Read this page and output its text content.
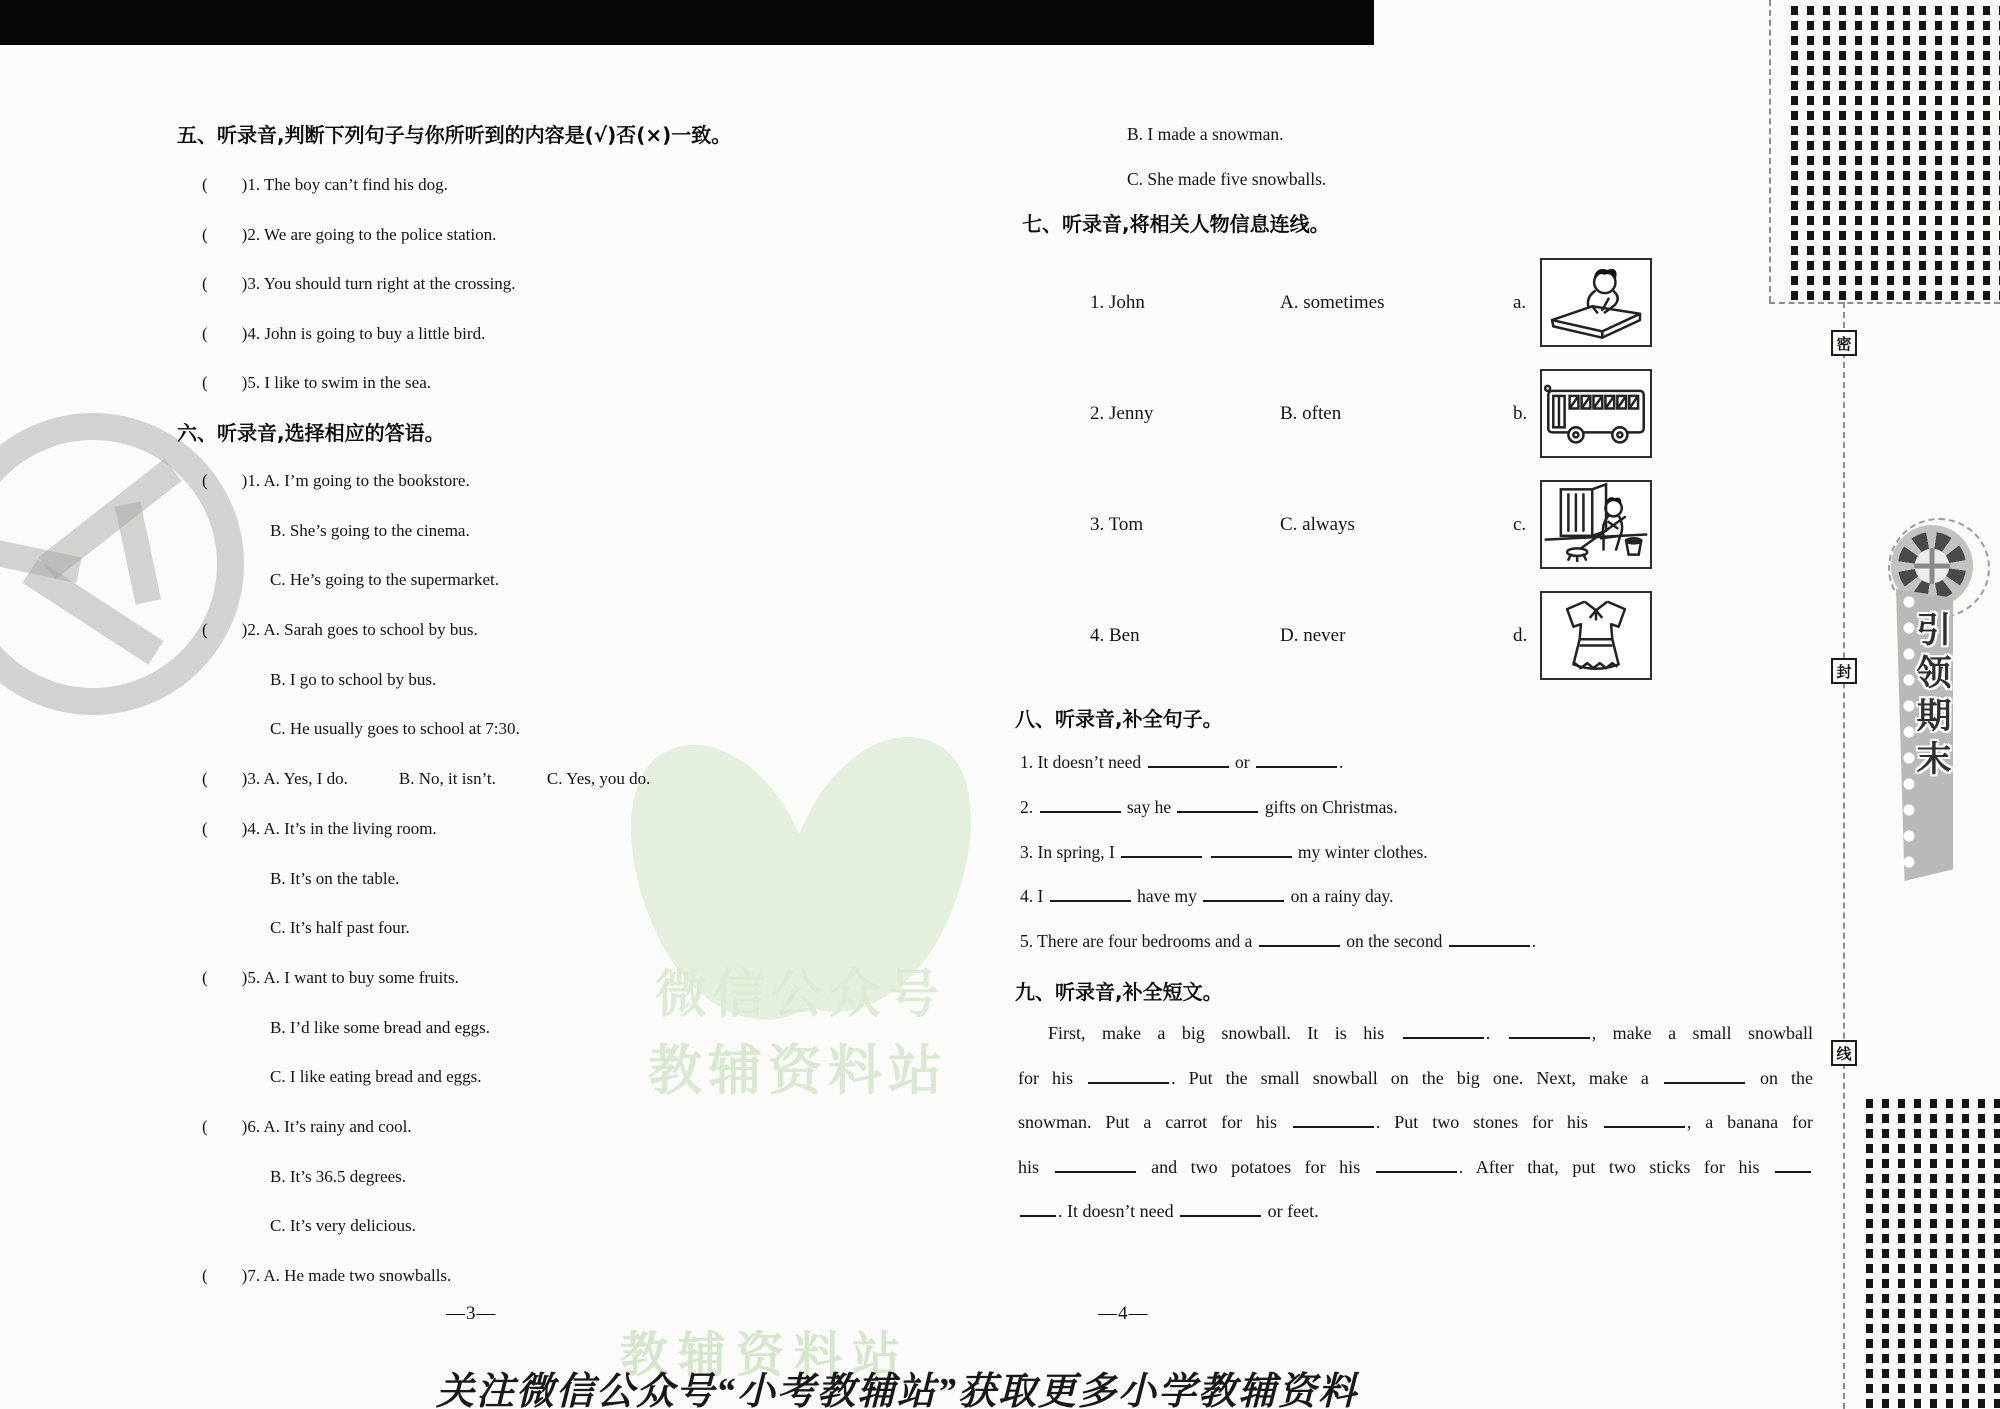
密
封
线
引领期末
微信公众号
教辅资料站
教辅资料站
五、听录音,判断下列句子与你所听到的内容是(√)否(×)一致。
(　　)1. The boy can’t find his dog.
(　　)2. We are going to the police station.
(　　)3. You should turn right at the crossing.
(　　)4. John is going to buy a little bird.
(　　)5. I like to swim in the sea.
六、听录音,选择相应的答语。
(　　)1. A. I’m going to the bookstore.
B. She’s going to the cinema.
C. He’s going to the supermarket.
(　　)2. A. Sarah goes to school by bus.
B. I go to school by bus.
C. He usually goes to school at 7:30.
(　　)3. A. Yes, I do.　　　B. No, it isn’t.　　　C. Yes, you do.
(　　)4. A. It’s in the living room.
B. It’s on the table.
C. It’s half past four.
(　　)5. A. I want to buy some fruits.
B. I’d like some bread and eggs.
C. I like eating bread and eggs.
(　　)6. A. It’s rainy and cool.
B. It’s 36.5 degrees.
C. It’s very delicious.
(　　)7. A. He made two snowballs.
B. I made a snowman.
C. She made five snowballs.
七、听录音,将相关人物信息连线。
1. John	A. sometimes	a.
2. Jenny	B. often	b.
3. Tom	C. always	c.
4. Ben	D. never	d.
八、听录音,补全句子。
1. It doesn’t need	or	.
2.	say he	gifts on Christmas.
3. In spring, I	my winter clothes.
4. I	have my	on a rainy day.
5. There are four bedrooms and a	on the second	.
九、听录音,补全短文。
First, make a big snowball. It is his	.	, make a small snowball
for his	. Put the small snowball on the big one. Next, make a	on the
snowman. Put a carrot for his	. Put two stones for his	, a banana for
his	and two potatoes for his	. After that, put two sticks for his
. It doesn’t need	or feet.
—3—	—4—
关注微信公众号“小考教辅站”获取更多小学教辅资料
